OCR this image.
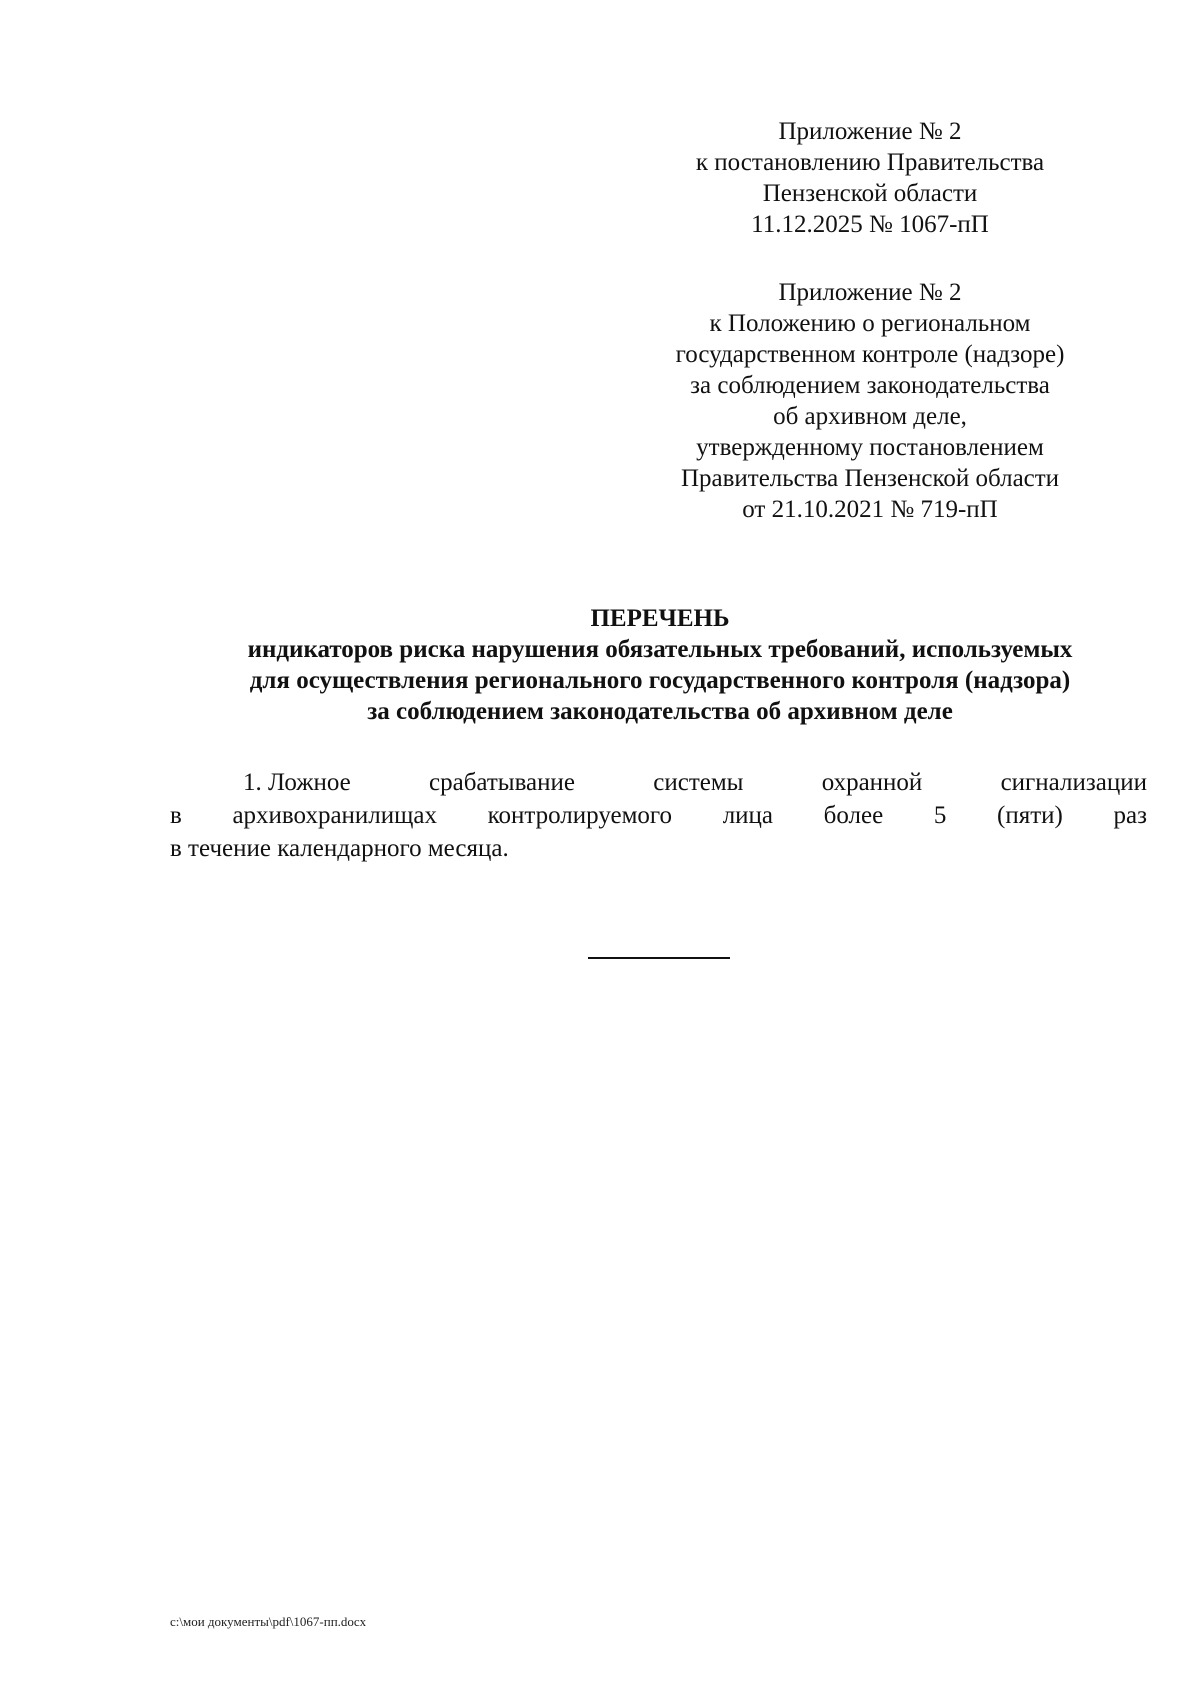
Приложение № 2
к постановлению Правительства
Пензенской области
11.12.2025 № 1067-пП
Приложение № 2
к Положению о региональном
государственном контроле (надзоре)
за соблюдением законодательства
об архивном деле,
утвержденному постановлением
Правительства Пензенской области
от 21.10.2021 № 719-пП
ПЕРЕЧЕНЬ
индикаторов риска нарушения обязательных требований, используемых
для осуществления регионального государственного контроля (надзора)
за соблюдением законодательства об архивном деле
1. Ложное	срабатывание	системы	охранной	сигнализации
в архивохранилищах контролируемого лица более 5 (пяти) раз
в течение календарного месяца.
c:\мои документы\pdf\1067-пп.docx
